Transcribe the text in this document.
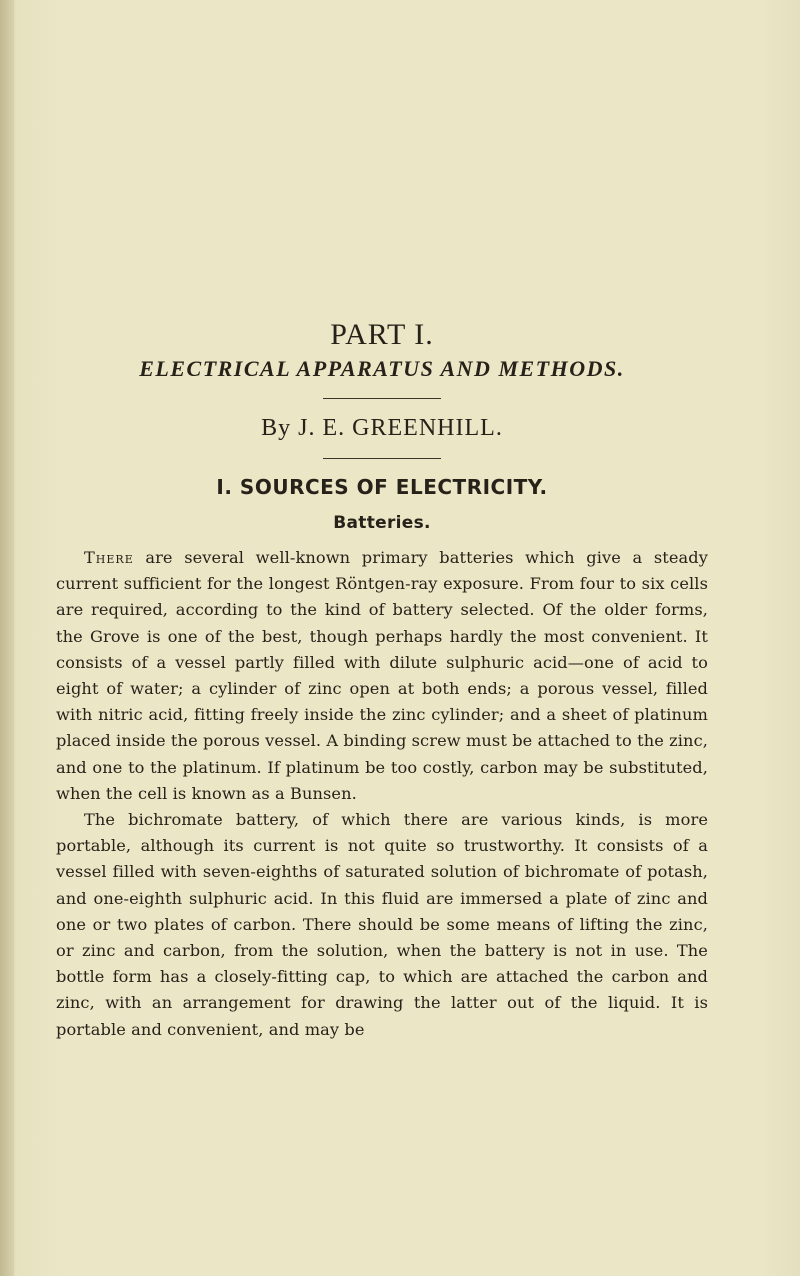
PART I.
ELECTRICAL APPARATUS AND METHODS.

By J. E. GREENHILL.

I. SOURCES OF ELECTRICITY.
Batteries.

There are several well-known primary batteries which give a steady current sufficient for the longest Röntgen-ray exposure. From four to six cells are required, according to the kind of battery selected. Of the older forms, the Grove is one of the best, though perhaps hardly the most convenient. It consists of a vessel partly filled with dilute sulphuric acid—one of acid to eight of water; a cylinder of zinc open at both ends; a porous vessel, filled with nitric acid, fitting freely inside the zinc cylinder; and a sheet of platinum placed inside the porous vessel. A binding screw must be attached to the zinc, and one to the platinum. If platinum be too costly, carbon may be substituted, when the cell is known as a Bunsen.

The bichromate battery, of which there are various kinds, is more portable, although its current is not quite so trustworthy. It consists of a vessel filled with seven-eighths of saturated solution of bichromate of potash, and one-eighth sulphuric acid. In this fluid are immersed a plate of zinc and one or two plates of carbon. There should be some means of lifting the zinc, or zinc and carbon, from the solution, when the battery is not in use. The bottle form has a closely-fitting cap, to which are attached the carbon and zinc, with an arrangement for drawing the latter out of the liquid. It is portable and convenient, and may be
